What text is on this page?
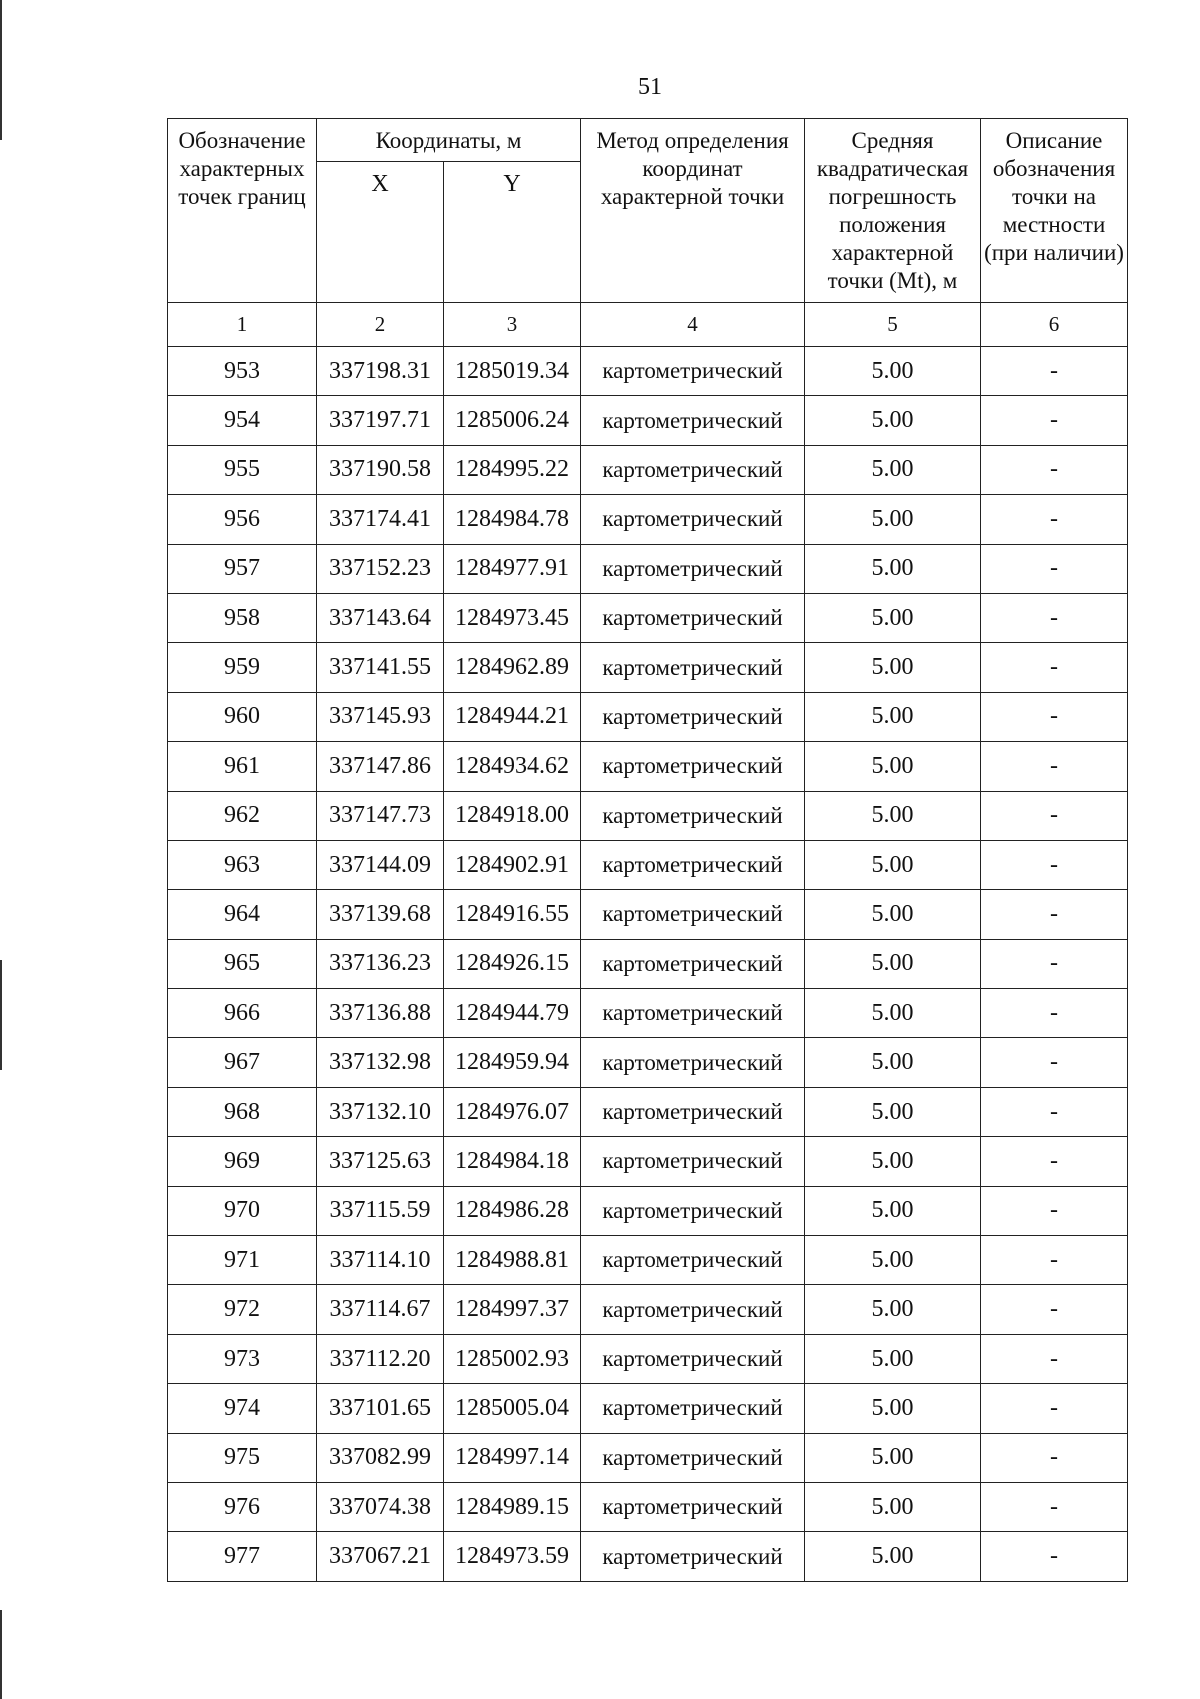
51
Обозначение характерных точек границ	Координаты, м		Метод определения координат характерной точки	Средняя квадратическая погрешность положения характерной точки (Mt), м	Описание обозначения точки на местности (при наличии)
	X	Y			
1	2	3	4	5	6
953	337198.31	1285019.34	картометрический	5.00	-
954	337197.71	1285006.24	картометрический	5.00	-
955	337190.58	1284995.22	картометрический	5.00	-
956	337174.41	1284984.78	картометрический	5.00	-
957	337152.23	1284977.91	картометрический	5.00	-
958	337143.64	1284973.45	картометрический	5.00	-
959	337141.55	1284962.89	картометрический	5.00	-
960	337145.93	1284944.21	картометрический	5.00	-
961	337147.86	1284934.62	картометрический	5.00	-
962	337147.73	1284918.00	картометрический	5.00	-
963	337144.09	1284902.91	картометрический	5.00	-
964	337139.68	1284916.55	картометрический	5.00	-
965	337136.23	1284926.15	картометрический	5.00	-
966	337136.88	1284944.79	картометрический	5.00	-
967	337132.98	1284959.94	картометрический	5.00	-
968	337132.10	1284976.07	картометрический	5.00	-
969	337125.63	1284984.18	картометрический	5.00	-
970	337115.59	1284986.28	картометрический	5.00	-
971	337114.10	1284988.81	картометрический	5.00	-
972	337114.67	1284997.37	картометрический	5.00	-
973	337112.20	1285002.93	картометрический	5.00	-
974	337101.65	1285005.04	картометрический	5.00	-
975	337082.99	1284997.14	картометрический	5.00	-
976	337074.38	1284989.15	картометрический	5.00	-
977	337067.21	1284973.59	картометрический	5.00	-
